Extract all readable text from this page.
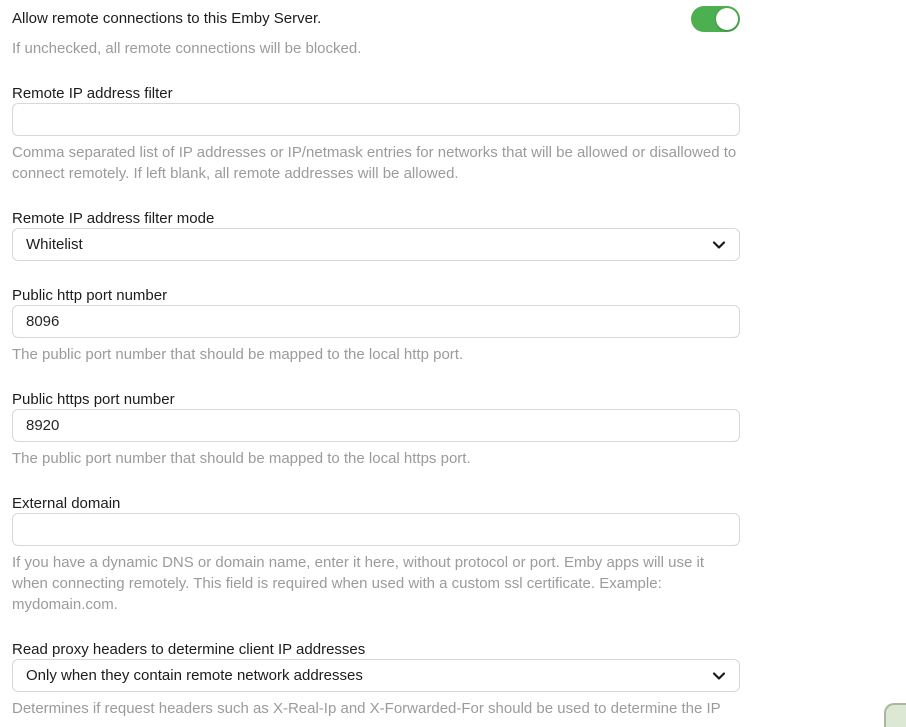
Allow remote connections to this Emby Server.
If unchecked, all remote connections will be blocked.
Remote IP address filter
Comma separated list of IP addresses or IP/netmask entries for networks that will be allowed or disallowed to connect remotely. If left blank, all remote addresses will be allowed.
Remote IP address filter mode
Whitelist
Public http port number
8096
The public port number that should be mapped to the local http port.
Public https port number
8920
The public port number that should be mapped to the local https port.
External domain
If you have a dynamic DNS or domain name, enter it here, without protocol or port. Emby apps will use it when connecting remotely. This field is required when used with a custom ssl certificate. Example: mydomain.com.
Read proxy headers to determine client IP addresses
Only when they contain remote network addresses
Determines if request headers such as X-Real-Ip and X-Forwarded-For should be used to determine the IP
